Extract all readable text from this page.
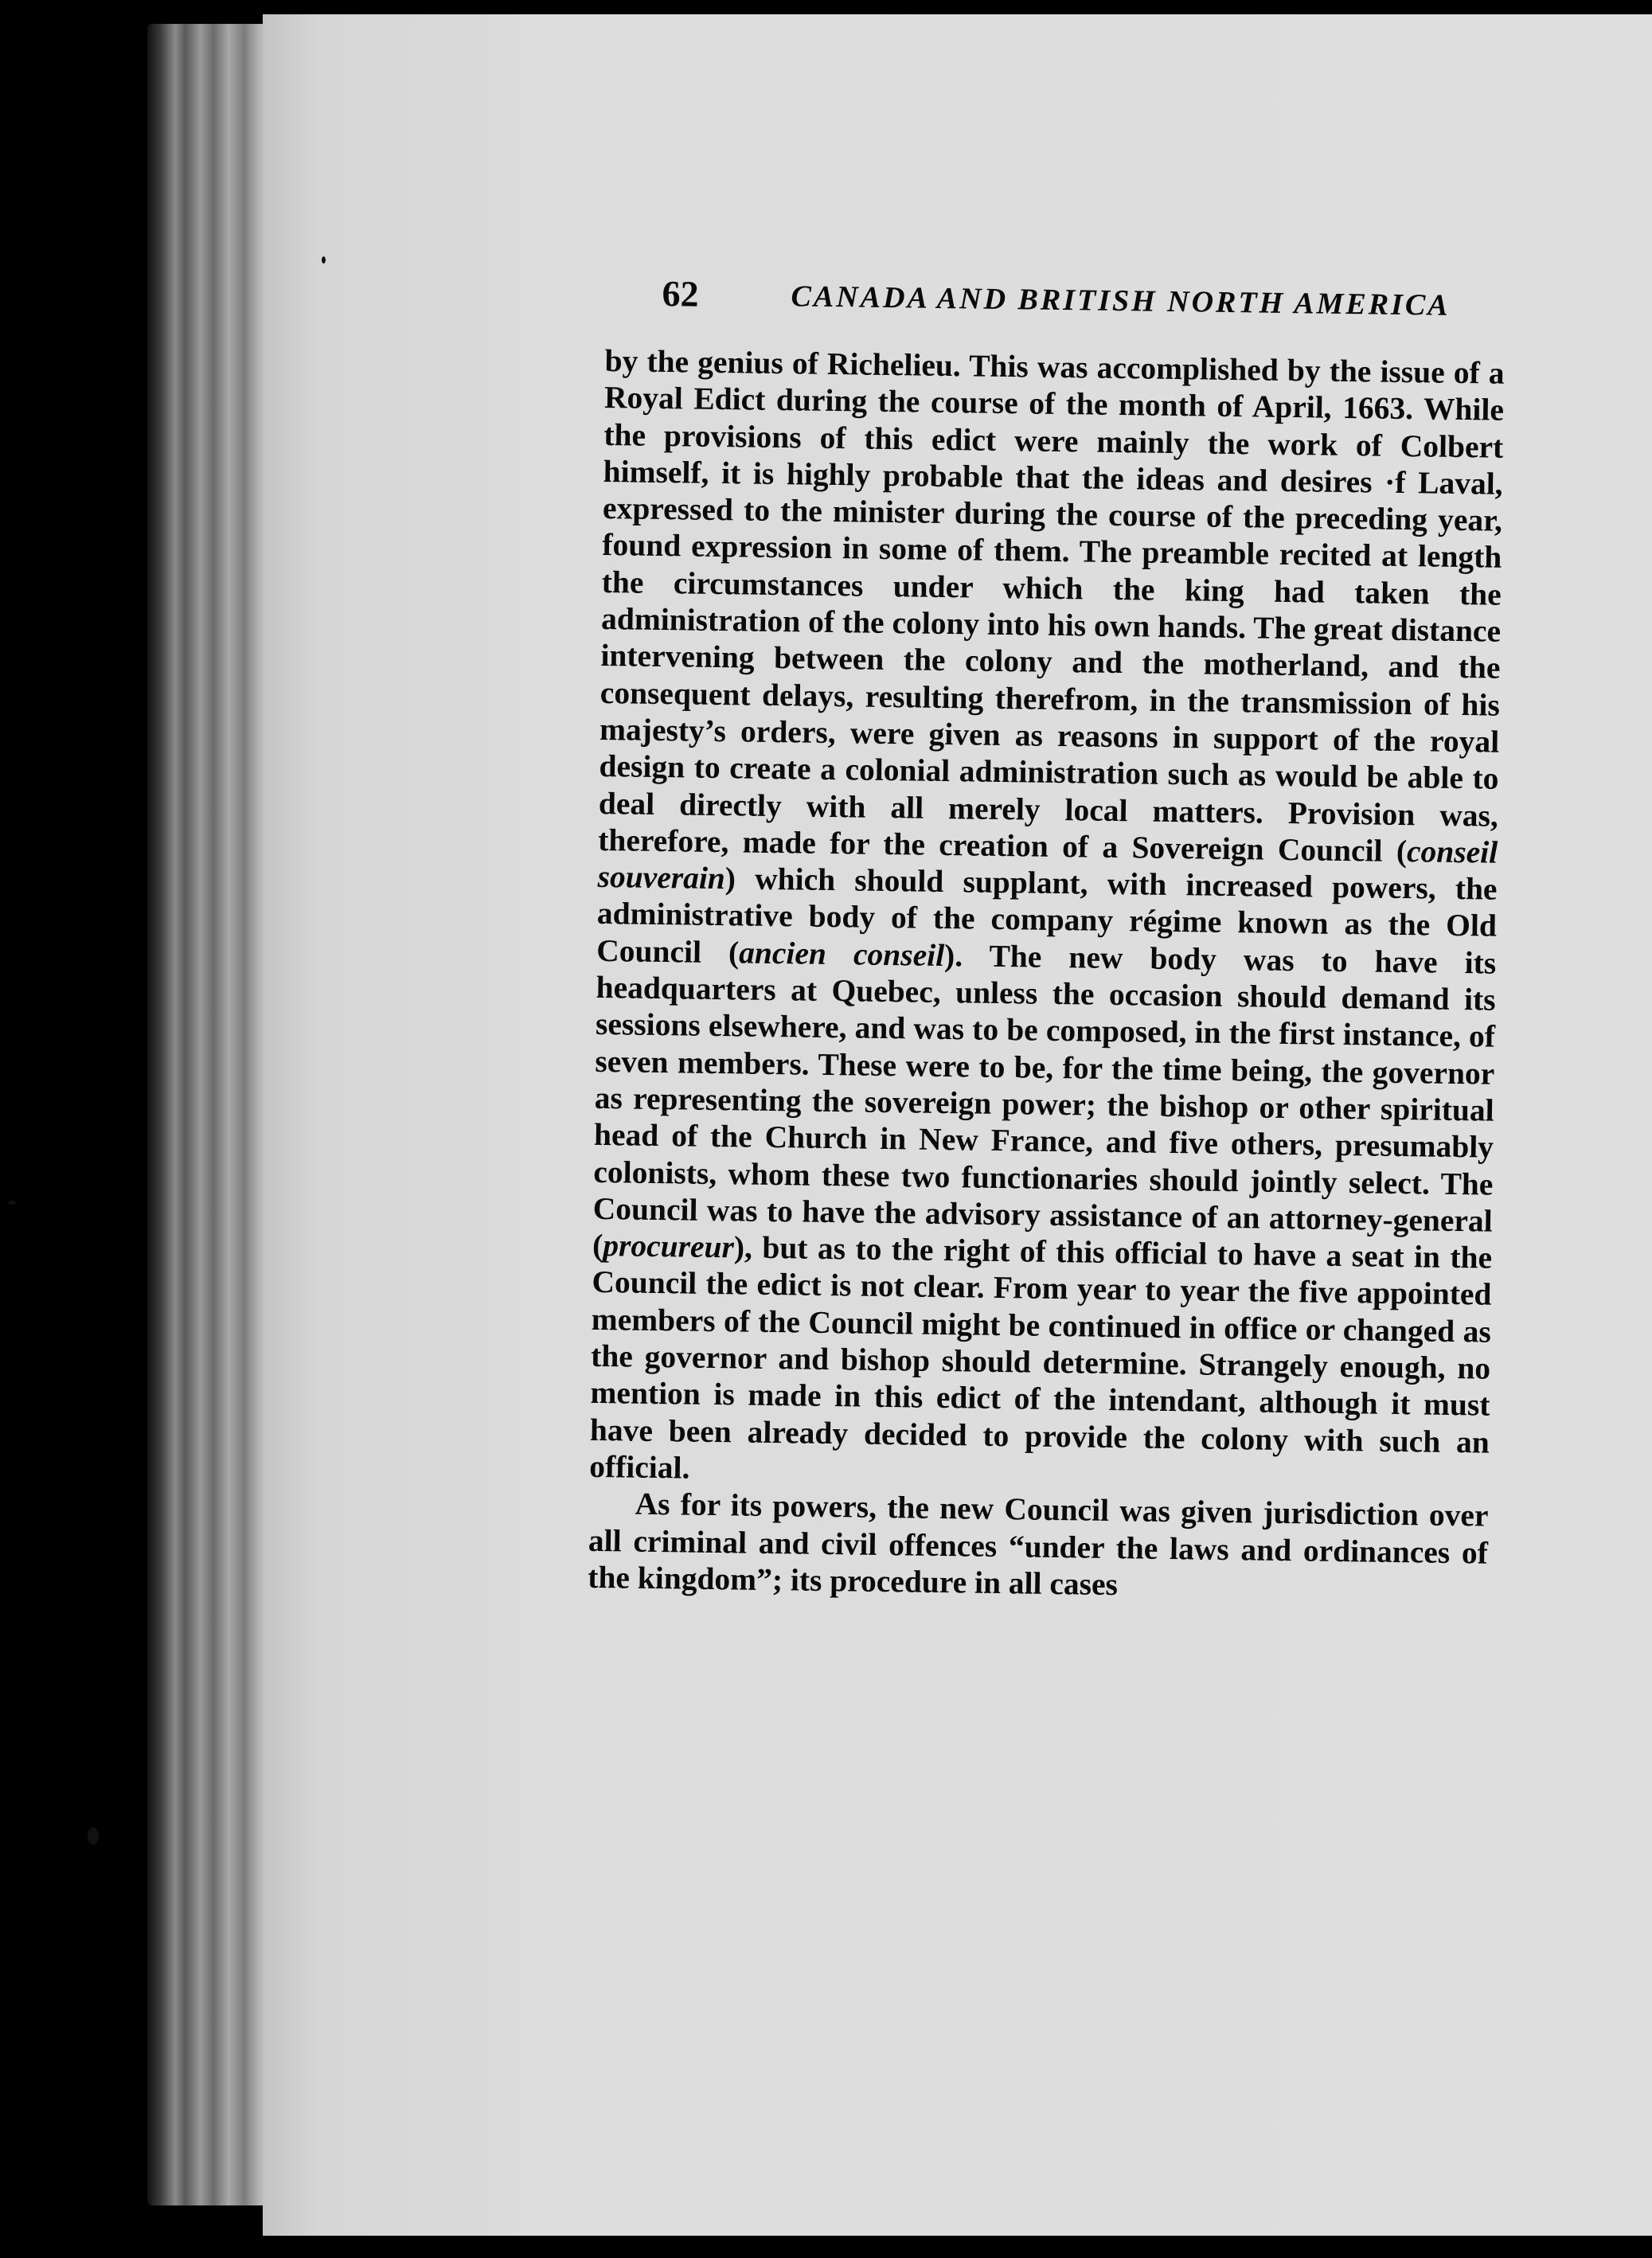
62	CANADA AND BRITISH NORTH AMERICA

by the genius of Richelieu. This was accomplished by the issue of a Royal Edict during the course of the month of April, 1663. While the provisions of this edict were mainly the work of Colbert himself, it is highly probable that the ideas and desires ·f Laval, expressed to the minister during the course of the preceding year, found expression in some of them. The preamble recited at length the circumstances under which the king had taken the administration of the colony into his own hands. The great distance intervening between the colony and the motherland, and the consequent delays, resulting therefrom, in the transmission of his majesty’s orders, were given as reasons in support of the royal design to create a colonial administration such as would be able to deal directly with all merely local matters. Provision was, therefore, made for the creation of a Sovereign Council (conseil souverain) which should supplant, with increased powers, the administrative body of the company régime known as the Old Council (ancien conseil). The new body was to have its headquarters at Quebec, unless the occasion should demand its sessions elsewhere, and was to be composed, in the first instance, of seven members. These were to be, for the time being, the governor as representing the sovereign power; the bishop or other spiritual head of the Church in New France, and five others, presumably colonists, whom these two functionaries should jointly select. The Council was to have the advisory assistance of an attorney-general (procureur), but as to the right of this official to have a seat in the Council the edict is not clear. From year to year the five appointed members of the Council might be continued in office or changed as the governor and bishop should determine. Strangely enough, no mention is made in this edict of the intendant, although it must have been already decided to provide the colony with such an official.

As for its powers, the new Council was given jurisdiction over all criminal and civil offences “under the laws and ordinances of the kingdom”; its procedure in all cases
